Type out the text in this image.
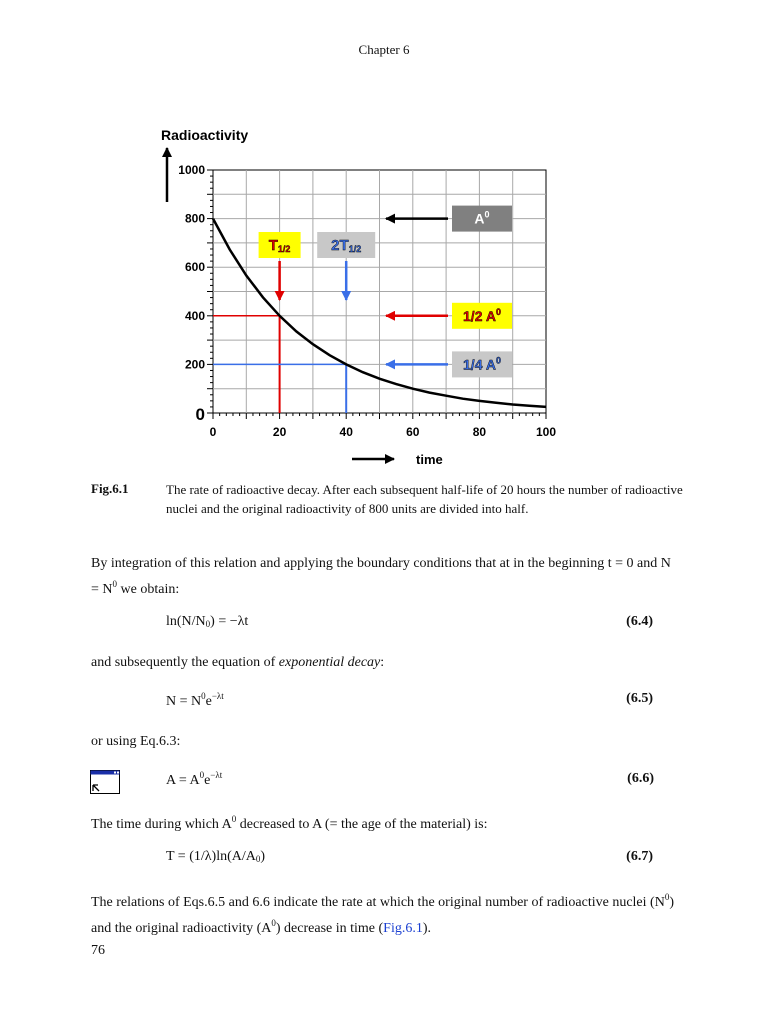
Chapter 6
0	20	40	60	80	100
0
200
400
600
800
1000
Radioactivity
time
T1/2	2T1/2
$A^0$
1/2 $A^0$
1/4 $A^0$
Fig.6.1	The rate of radioactive decay. After each subsequent half-life of 20 hours the number of radioactive nuclei and the original radioactivity of 800 units are divided into half.
By integration of this relation and applying the boundary conditions that at in the beginning t = 0 and $N = N^0$ we obtain:
$\ln(N/N_0) = -\lambda t$	(6.4)
and subsequently the equation of exponential decay:
$N = N^0e^{-\lambda t}$	(6.5)
or using Eq.6.3:
$A = A^0e^{-\lambda t}$	(6.6)
The time during which $A^0$ decreased to A (= the age of the material) is:
$T = (1/\lambda)\ln(A/A_0)$	(6.7)
The relations of Eqs.6.5 and 6.6 indicate the rate at which the original number of radioactive nuclei $(N^0)$ and the original radioactivity $(A^0)$ decrease in time (Fig.6.1).
76
